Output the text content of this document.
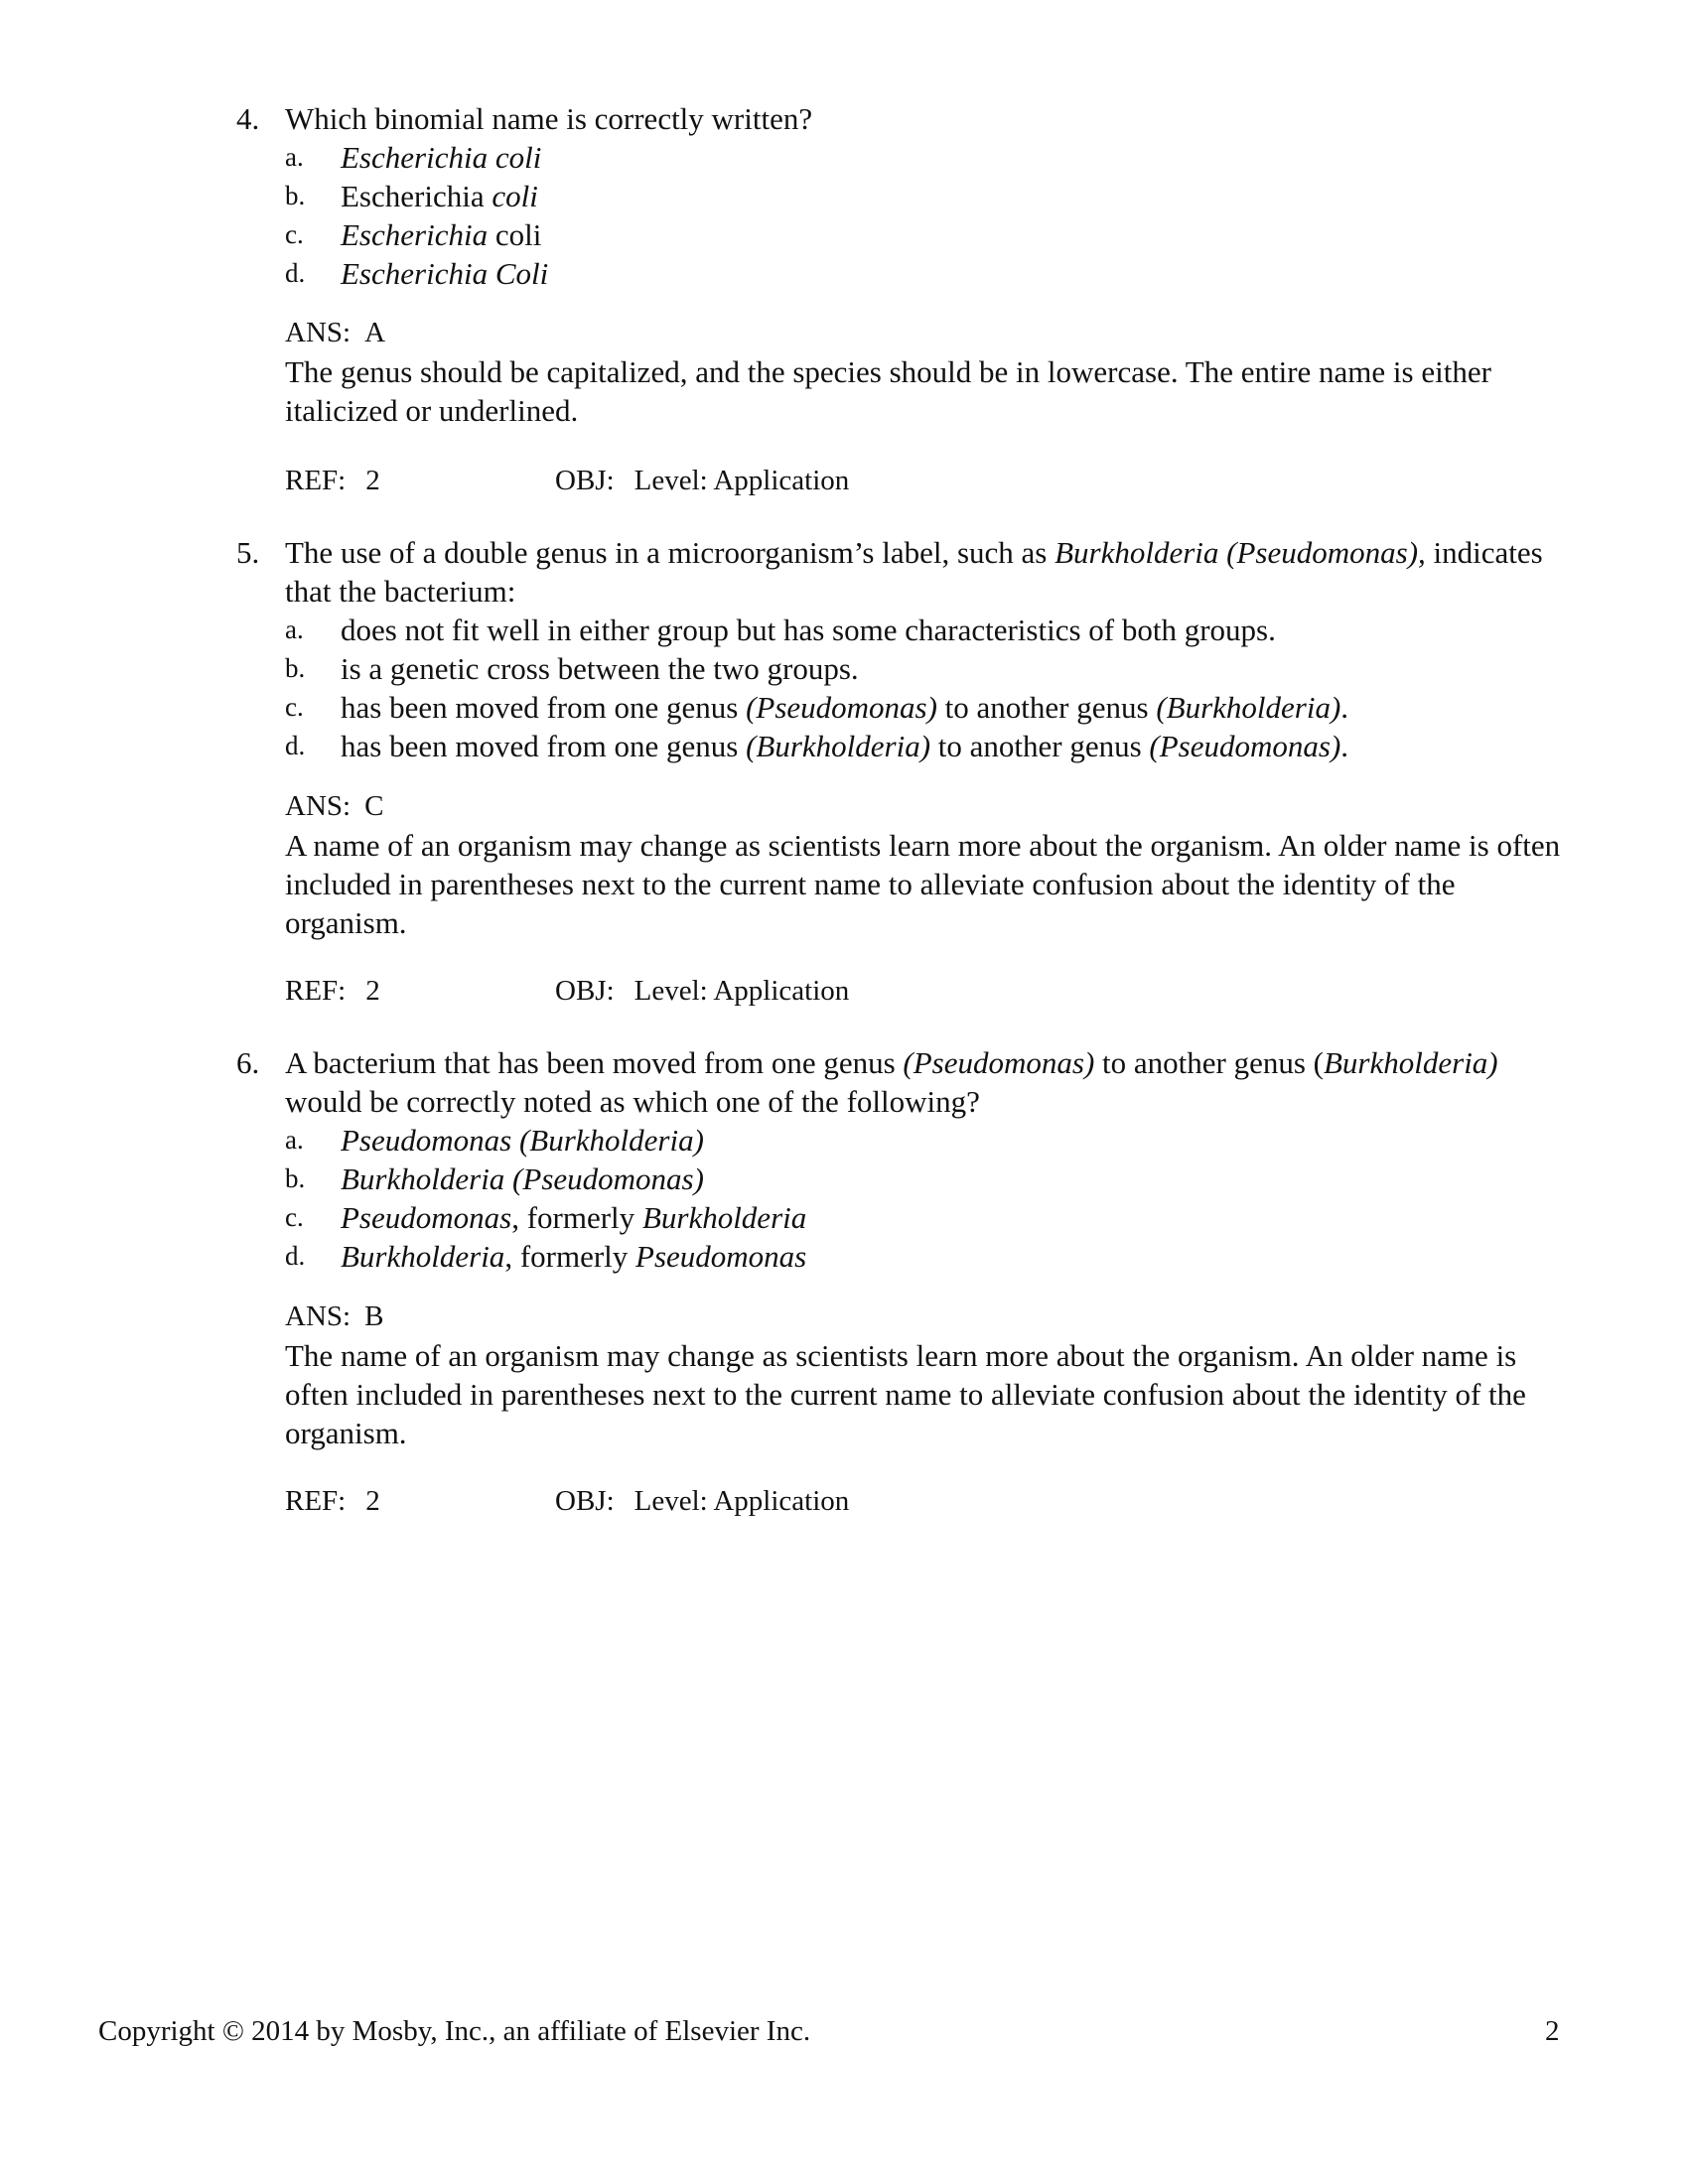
4. Which binomial name is correctly written?
a. Escherichia coli
b. Escherichia coli
c. Escherichia coli
d. Escherichia Coli
ANS: A
The genus should be capitalized, and the species should be in lowercase. The entire name is either italicized or underlined.
REF: 2	OBJ: Level: Application
5. The use of a double genus in a microorganism’s label, such as Burkholderia (Pseudomonas), indicates that the bacterium:
a. does not fit well in either group but has some characteristics of both groups.
b. is a genetic cross between the two groups.
c. has been moved from one genus (Pseudomonas) to another genus (Burkholderia).
d. has been moved from one genus (Burkholderia) to another genus (Pseudomonas).
ANS: C
A name of an organism may change as scientists learn more about the organism. An older name is often included in parentheses next to the current name to alleviate confusion about the identity of the organism.
REF: 2	OBJ: Level: Application
6. A bacterium that has been moved from one genus (Pseudomonas) to another genus (Burkholderia) would be correctly noted as which one of the following?
a. Pseudomonas (Burkholderia)
b. Burkholderia (Pseudomonas)
c. Pseudomonas, formerly Burkholderia
d. Burkholderia, formerly Pseudomonas
ANS: B
The name of an organism may change as scientists learn more about the organism. An older name is often included in parentheses next to the current name to alleviate confusion about the identity of the organism.
REF: 2	OBJ: Level: Application
Copyright © 2014 by Mosby, Inc., an affiliate of Elsevier Inc.	2
